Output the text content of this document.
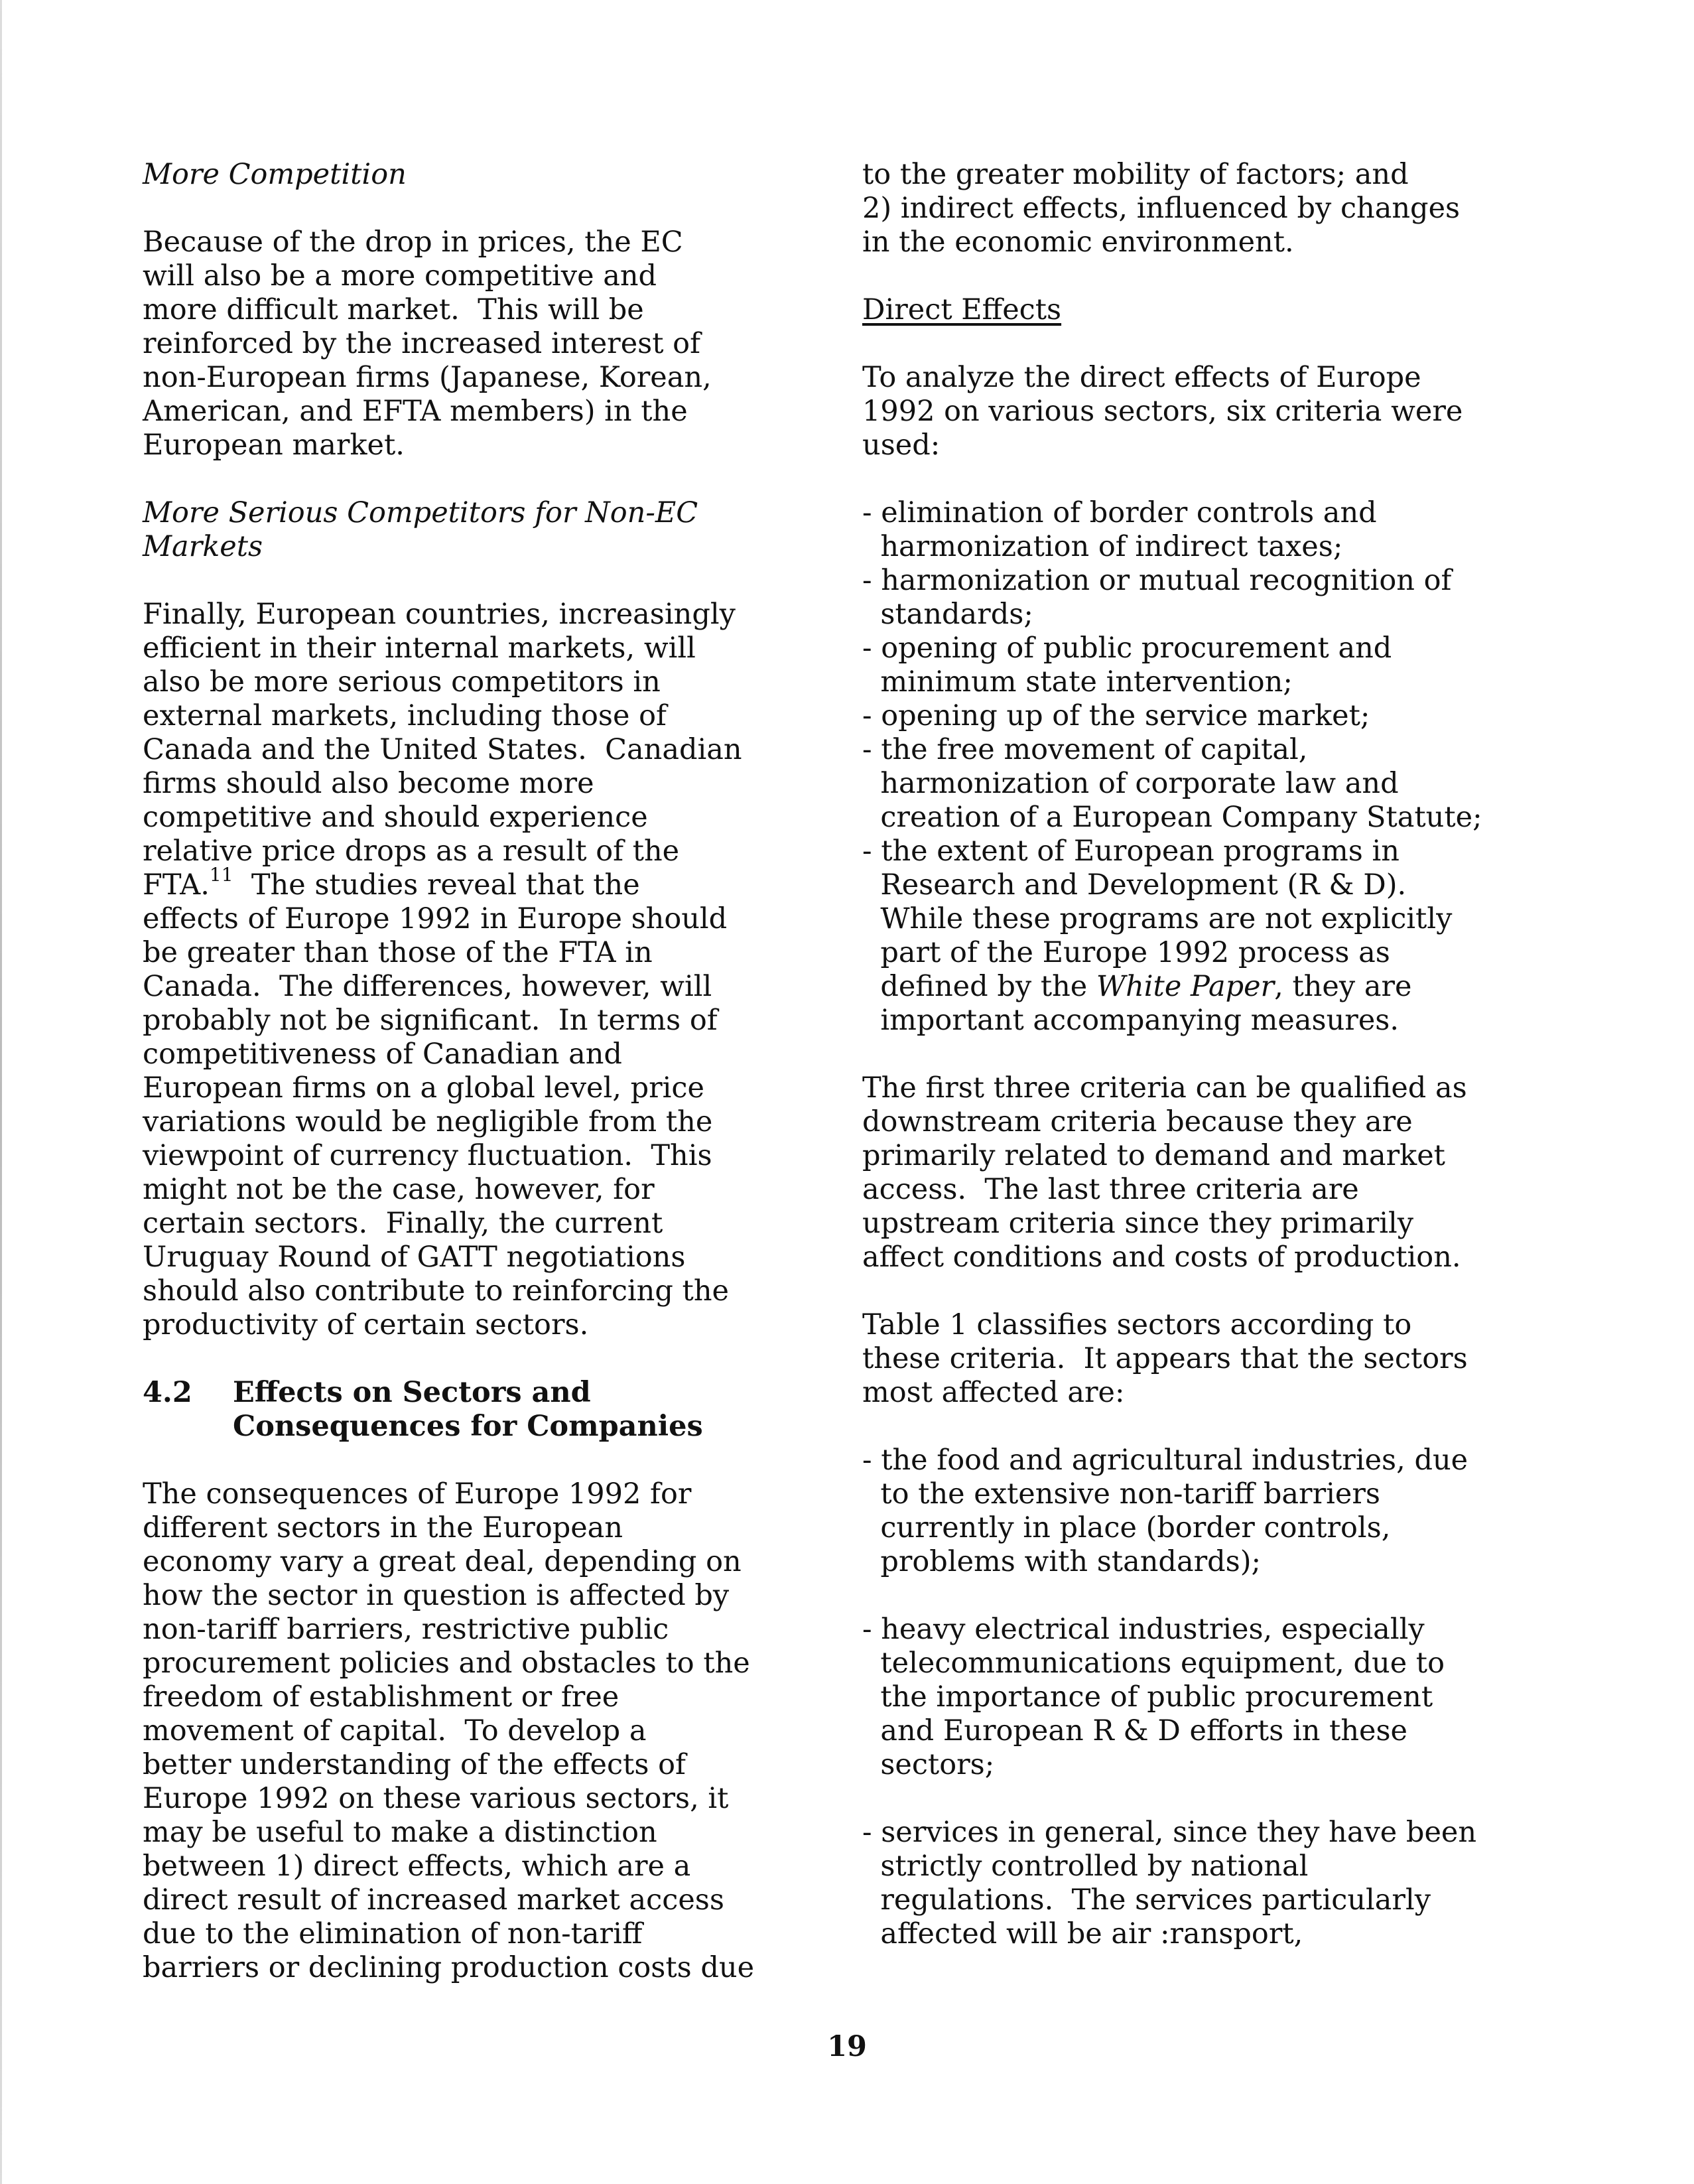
More Competition
Because of the drop in prices, the EC
will also be a more competitive and
more difficult market.  This will be
reinforced by the increased interest of
non-European firms (Japanese, Korean,
American, and EFTA members) in the
European market.
More Serious Competitors for Non-EC
Markets
Finally, European countries, increasingly
efficient in their internal markets, will
also be more serious competitors in
external markets, including those of
Canada and the United States.  Canadian
firms should also become more
competitive and should experience
relative price drops as a result of the
FTA.$^{11}$  The studies reveal that the
effects of Europe 1992 in Europe should
be greater than those of the FTA in
Canada.  The differences, however, will
probably not be significant.  In terms of
competitiveness of Canadian and
European firms on a global level, price
variations would be negligible from the
viewpoint of currency fluctuation.  This
might not be the case, however, for
certain sectors.  Finally, the current
Uruguay Round of GATT negotiations
should also contribute to reinforcing the
productivity of certain sectors.
4.2 Effects on Sectors and
Consequences for Companies
The consequences of Europe 1992 for
different sectors in the European
economy vary a great deal, depending on
how the sector in question is affected by
non-tariff barriers, restrictive public
procurement policies and obstacles to the
freedom of establishment or free
movement of capital.  To develop a
better understanding of the effects of
Europe 1992 on these various sectors, it
may be useful to make a distinction
between 1) direct effects, which are a
direct result of increased market access
due to the elimination of non-tariff
barriers or declining production costs due
to the greater mobility of factors; and
2) indirect effects, influenced by changes
in the economic environment.
Direct Effects
To analyze the direct effects of Europe
1992 on various sectors, six criteria were
used:
- elimination of border controls and
harmonization of indirect taxes;
- harmonization or mutual recognition of
standards;
- opening of public procurement and
minimum state intervention;
- opening up of the service market;
- the free movement of capital,
harmonization of corporate law and
creation of a European Company Statute;
- the extent of European programs in
Research and Development (R & D).
While these programs are not explicitly
part of the Europe 1992 process as
defined by the White Paper, they are
important accompanying measures.
The first three criteria can be qualified as
downstream criteria because they are
primarily related to demand and market
access.  The last three criteria are
upstream criteria since they primarily
affect conditions and costs of production.
Table 1 classifies sectors according to
these criteria.  It appears that the sectors
most affected are:
- the food and agricultural industries, due
to the extensive non-tariff barriers
currently in place (border controls,
problems with standards);
- heavy electrical industries, especially
telecommunications equipment, due to
the importance of public procurement
and European R & D efforts in these
sectors;
- services in general, since they have been
strictly controlled by national
regulations.  The services particularly
affected will be air :ransport,
19
